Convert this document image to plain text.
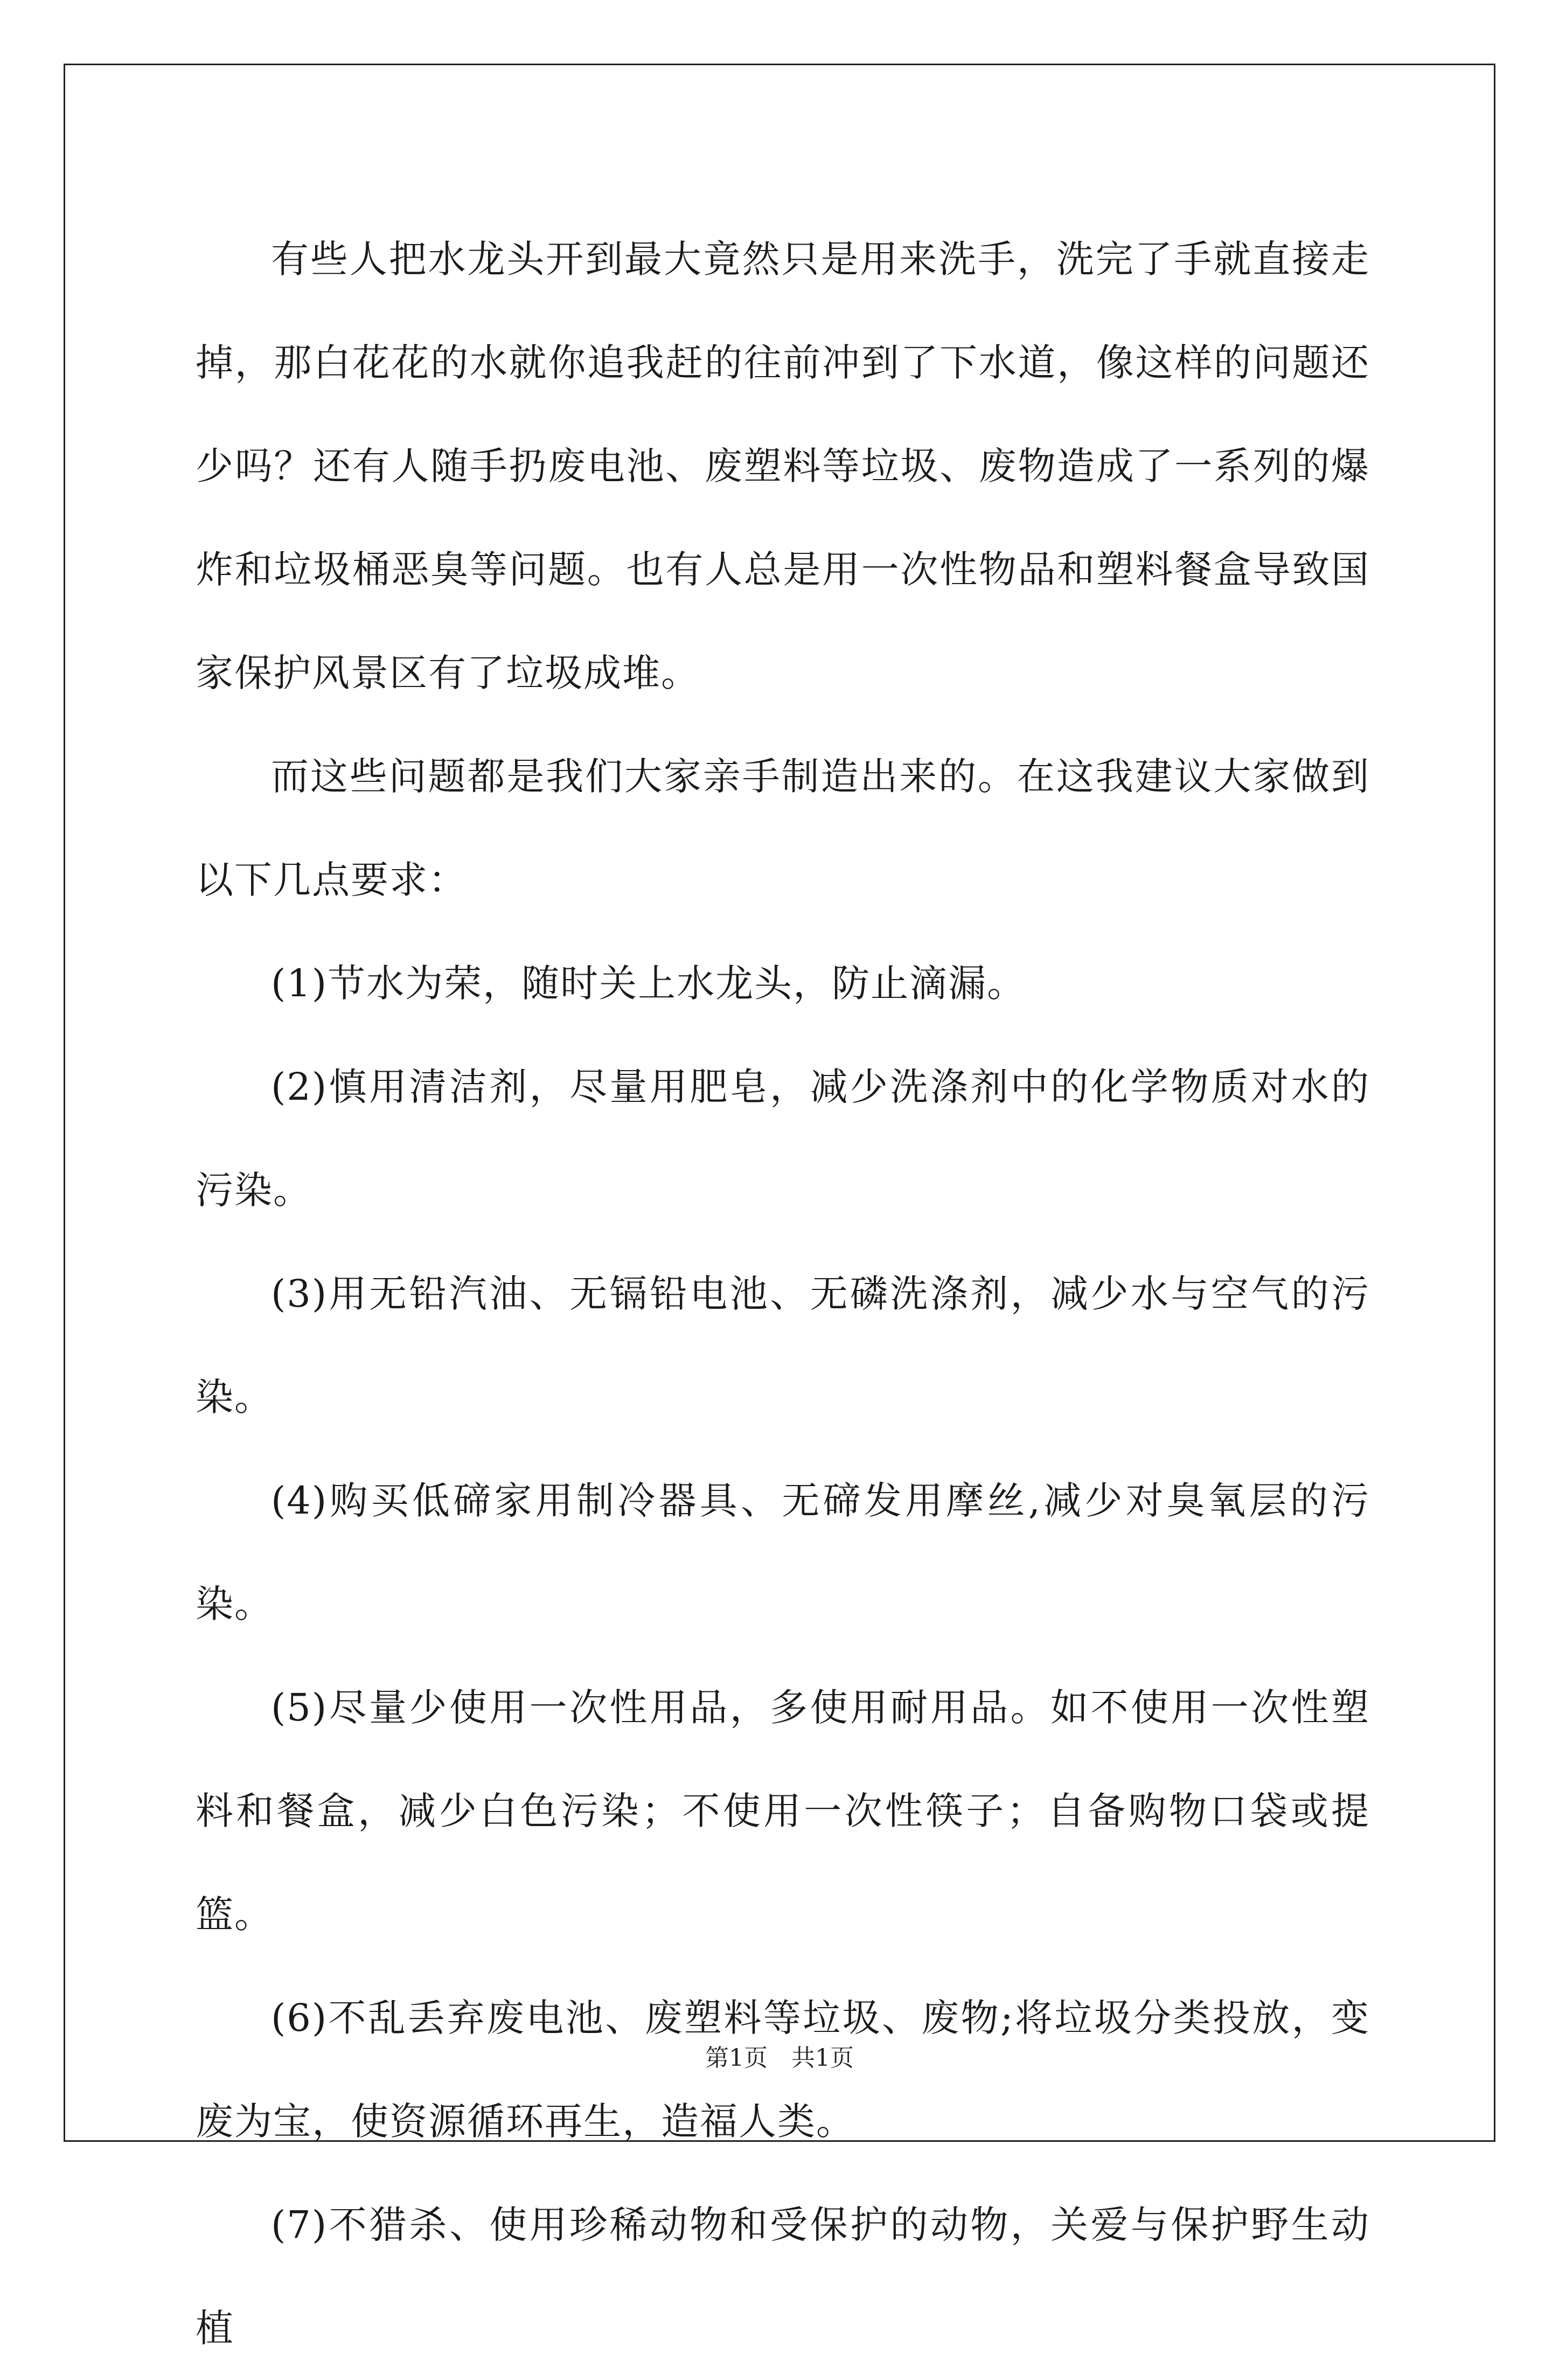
有些人把水龙头开到最大竟然只是用来洗手，洗完了手就直接走掉，那白花花的水就你追我赶的往前冲到了下水道，像这样的问题还少吗？还有人随手扔废电池、废塑料等垃圾、废物造成了一系列的爆炸和垃圾桶恶臭等问题。也有人总是用一次性物品和塑料餐盒导致国家保护风景区有了垃圾成堆。

而这些问题都是我们大家亲手制造出来的。在这我建议大家做到以下几点要求：

(1)节水为荣，随时关上水龙头，防止滴漏。

(2)慎用清洁剂，尽量用肥皂，减少洗涤剂中的化学物质对水的污染。

(3)用无铅汽油、无镉铅电池、无磷洗涤剂，减少水与空气的污染。

(4)购买低碲家用制冷器具、无碲发用摩丝,减少对臭氧层的污染。

(5)尽量少使用一次性用品，多使用耐用品。如不使用一次性塑料和餐盒，减少白色污染；不使用一次性筷子；自备购物口袋或提篮。

(6)不乱丢弃废电池、废塑料等垃圾、废物;将垃圾分类投放，变废为宝，使资源循环再生，造福人类。

(7)不猎杀、使用珍稀动物和受保护的动物，关爱与保护野生动植

第1页 共1页
